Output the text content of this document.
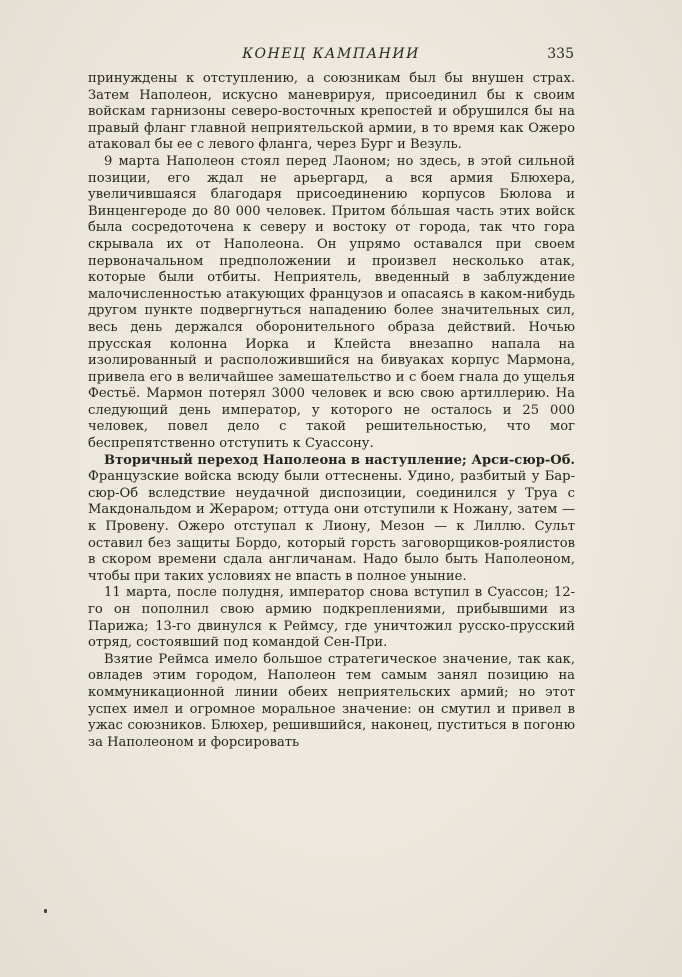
КОНЕЦ КАМПАНИИ	335

принуждены к отступлению, а союзникам был бы внушен страх. Затем Наполеон, искусно маневрируя, присоединил бы к своим войскам гарнизоны северо-восточных крепостей и обрушился бы на правый фланг главной неприятельской армии, в то время как Ожеро атаковал бы ее с левого фланга, через Бург и Везуль.

9 марта Наполеон стоял перед Лаоном; но здесь, в этой сильной позиции, его ждал не арьергард, а вся армия Блюхера, увеличившаяся благодаря присоединению корпусов Бюлова и Винценгероде до 80 000 человек. Притом бо́льшая часть этих войск была сосредоточена к северу и востоку от города, так что гора скрывала их от Наполеона. Он упрямо оставался при своем первоначальном предположении и произвел несколько атак, которые были отбиты. Неприятель, введенный в заблуждение малочисленностью атакующих французов и опасаясь в каком-нибудь другом пункте подвергнуться нападению более значительных сил, весь день держался оборонительного образа действий. Ночью прусская колонна Иорка и Клейста внезапно напала на изолированный и расположившийся на бивуаках корпус Мармона, привела его в величайшее замешательство и с боем гнала до ущелья Фестьё. Мармон потерял 3000 человек и всю свою артиллерию. На следующий день император, у которого не осталось и 25 000 человек, повел дело с такой решительностью, что мог беспрепятственно отступить к Суассону.

Вторичный переход Наполеона в наступление; Арси-сюр-Об. Французские войска всюду были оттеснены. Удино, разбитый у Бар-сюр-Об вследствие неудачной диспозиции, соединился у Труа с Макдональдом и Жераром; оттуда они отступили к Ножану, затем — к Провену. Ожеро отступал к Лиону, Мезон — к Лиллю. Сульт оставил без защиты Бордо, который горсть заговорщиков-роялистов в скором времени сдала англичанам. Надо было быть Наполеоном, чтобы при таких условиях не впасть в полное уныние.

11 марта, после полудня, император снова вступил в Суассон; 12-го он пополнил свою армию подкреплениями, прибывшими из Парижа; 13-го двинулся к Реймсу, где уничтожил русско-прусский отряд, состоявший под командой Сен-При.

Взятие Реймса имело большое стратегическое значение, так как, овладев этим городом, Наполеон тем самым занял позицию на коммуникационной линии обеих неприятельских армий; но этот успех имел и огромное моральное значение: он смутил и привел в ужас союзников. Блюхер, решившийся, наконец, пуститься в погоню за Наполеоном и форсировать
